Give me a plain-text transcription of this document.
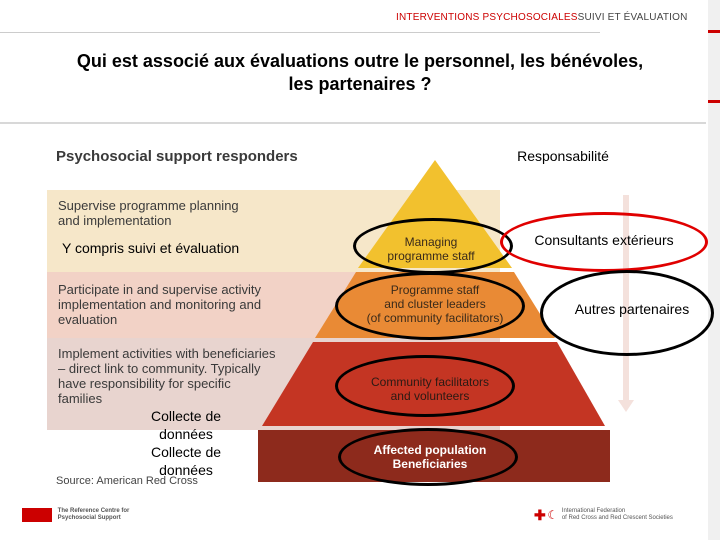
INTERVENTIONS PSYCHOSOCIALESSUIVI ET ÉVALUATION
Qui est associé aux évaluations outre le personnel, les bénévoles,
les partenaires ?
Psychosocial support responders
Supervise programme planning
and implementation
Participate in and supervise activity
implementation and monitoring and
evaluation
Implement activities with beneficiaries
– direct link to community. Typically
have responsibility for specific
families
Managing
programme staff
Programme staff
and cluster leaders
(of community facilitators)
Community facilitators
and volunteers
Affected population
Beneficiaries
Responsabilité
Y compris suivi et évaluation	Consultants extérieurs
Autres partenaires
Collecte de
données
Collecte de
données
Source: American Red Cross

The Reference Centre for
Psychosocial Support	✚ ☾ International Federation
of Red Cross and Red Crescent Societies
